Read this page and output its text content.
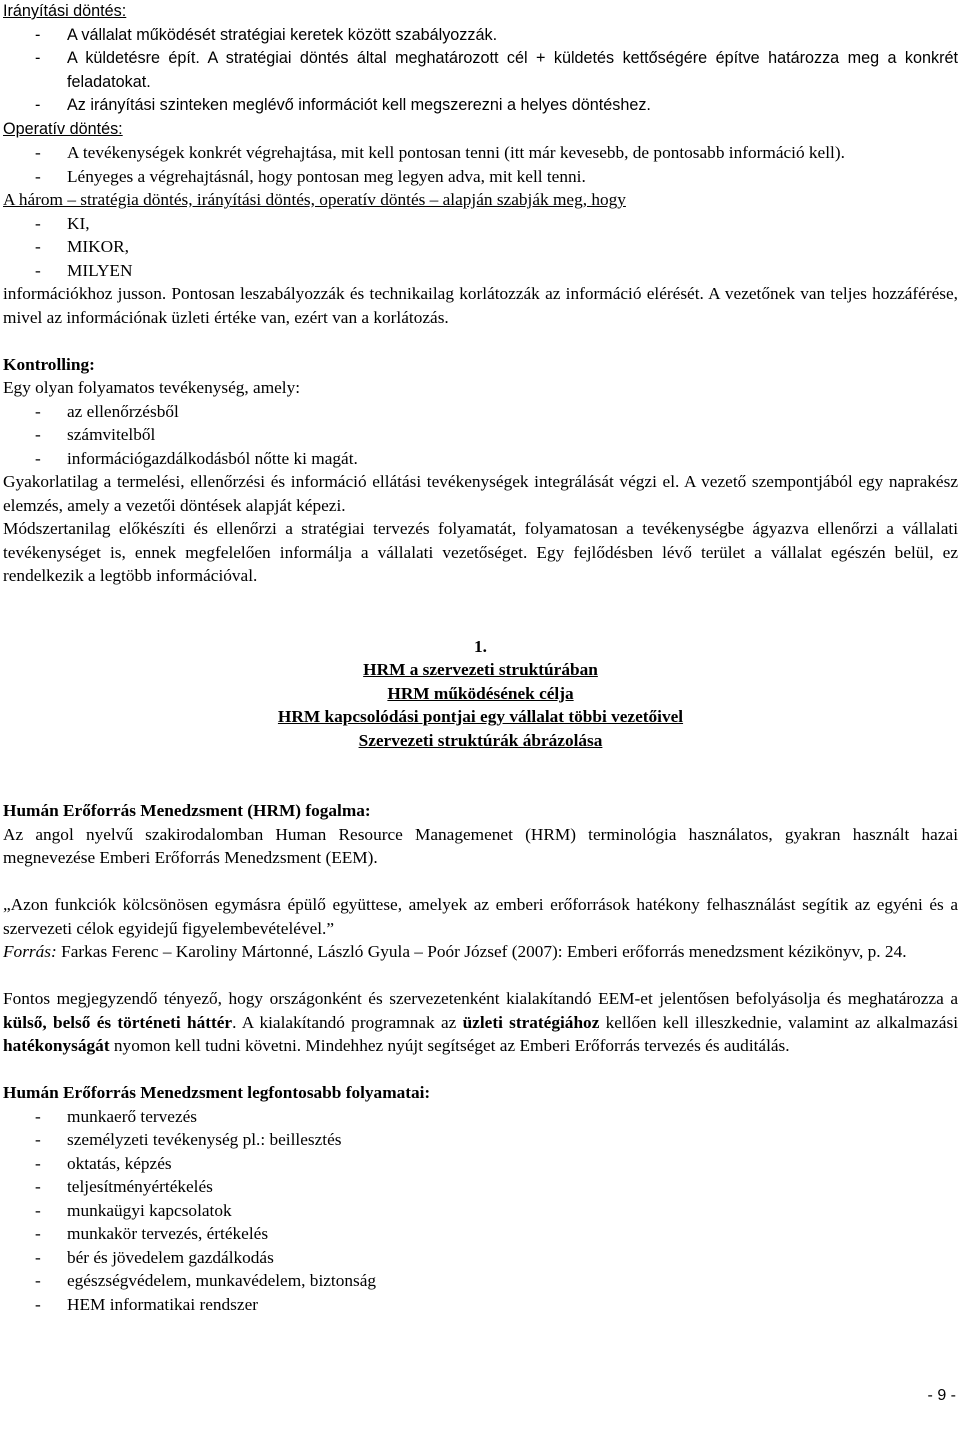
Irányítási döntés:

- A vállalat működését stratégiai keretek között szabályozzák.

- A küldetésre épít. A stratégiai döntés által meghatározott cél + küldetés kettőségére építve határozza meg a konkrét feladatokat.

- Az irányítási szinteken meglévő információt kell megszerezni a helyes döntéshez.

Operatív döntés:

- A tevékenységek konkrét végrehajtása, mit kell pontosan tenni (itt már kevesebb, de pontosabb információ kell).

- Lényeges a végrehajtásnál, hogy pontosan meg legyen adva, mit kell tenni.

A három – stratégia döntés, irányítási döntés, operatív döntés – alapján szabják meg, hogy

- KI,

- MIKOR,

- MILYEN

információkhoz jusson. Pontosan leszabályozzák és technikailag korlátozzák az információ elérését. A vezetőnek van teljes hozzáférése, mivel az információnak üzleti értéke van, ezért van a korlátozás.

Kontrolling:

Egy olyan folyamatos tevékenység, amely:

- az ellenőrzésből

- számvitelből

- információgazdálkodásból nőtte ki magát.

Gyakorlatilag a termelési, ellenőrzési és információ ellátási tevékenységek integrálását végzi el. A vezető szempontjából egy naprakész elemzés, amely a vezetői döntések alapját képezi.

Módszertanilag előkészíti és ellenőrzi a stratégiai tervezés folyamatát, folyamatosan a tevékenységbe ágyazva ellenőrzi a vállalati tevékenységet is, ennek megfelelően informálja a vállalati vezetőséget. Egy fejlődésben lévő terület a vállalat egészén belül, ez rendelkezik a legtöbb információval.

1.

HRM a szervezeti struktúrában

HRM működésének célja

HRM kapcsolódási pontjai egy vállalat többi vezetőivel

Szervezeti struktúrák ábrázolása

Humán Erőforrás Menedzsment (HRM) fogalma:

Az angol nyelvű szakirodalomban Human Resource Managemenet (HRM) terminológia használatos, gyakran használt hazai megnevezése Emberi Erőforrás Menedzsment (EEM).

„Azon funkciók kölcsönösen egymásra épülő együttese, amelyek az emberi erőforrások hatékony felhasználást segítik az egyéni és a szervezeti célok egyidejű figyelembevételével.”

Forrás: Farkas Ferenc – Karoliny Mártonné, László Gyula – Poór József (2007): Emberi erőforrás menedzsment kézikönyv, p. 24.

Fontos megjegyzendő tényező, hogy országonként és szervezetenként kialakítandó EEM-et jelentősen befolyásolja és meghatározza a külső, belső és történeti háttér. A kialakítandó programnak az üzleti stratégiához kellően kell illeszkednie, valamint az alkalmazási hatékonyságát nyomon kell tudni követni. Mindehhez nyújt segítséget az Emberi Erőforrás tervezés és auditálás.

Humán Erőforrás Menedzsment legfontosabb folyamatai:

- munkaerő tervezés

- személyzeti tevékenység pl.: beillesztés

- oktatás, képzés

- teljesítményértékelés

- munkaügyi kapcsolatok

- munkakör tervezés, értékelés

- bér és jövedelem gazdálkodás

- egészségvédelem, munkavédelem, biztonság

- HEM informatikai rendszer

- 9 -
